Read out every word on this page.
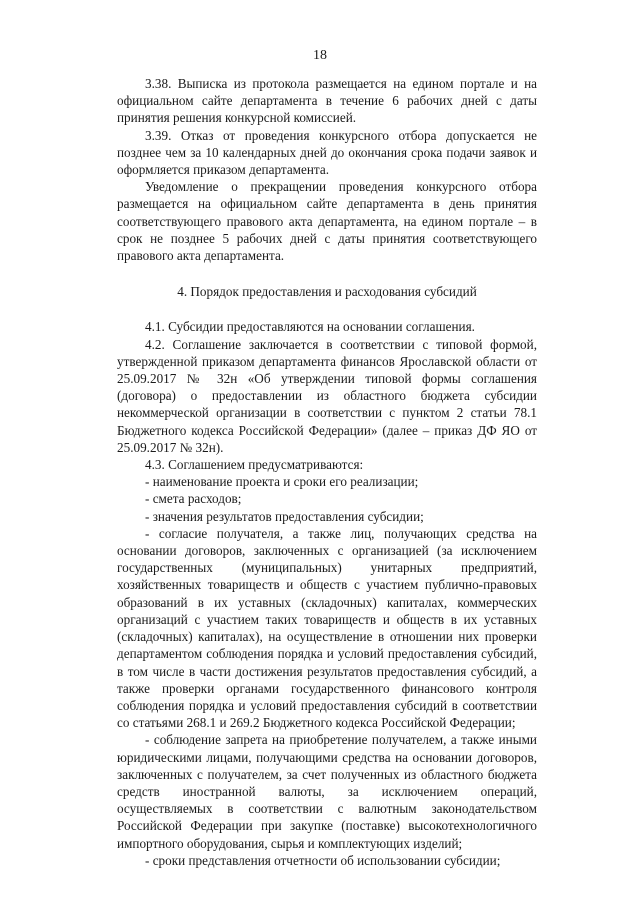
18

3.38. Выписка из протокола размещается на едином портале и на официальном сайте департамента в течение 6 рабочих дней с даты принятия решения конкурсной комиссией.

3.39. Отказ от проведения конкурсного отбора допускается не позднее чем за 10 календарных дней до окончания срока подачи заявок и оформляется приказом департамента.

Уведомление о прекращении проведения конкурсного отбора размещается на официальном сайте департамента в день принятия соответствующего правового акта департамента, на едином портале – в срок не позднее 5 рабочих дней с даты принятия соответствующего правового акта департамента.

4. Порядок предоставления и расходования субсидий

4.1. Субсидии предоставляются на основании соглашения.

4.2. Соглашение заключается в соответствии с типовой формой, утвержденной приказом департамента финансов Ярославской области от 25.09.2017 № 32н «Об утверждении типовой формы соглашения (договора) о предоставлении из областного бюджета субсидии некоммерческой организации в соответствии с пунктом 2 статьи 78.1 Бюджетного кодекса Российской Федерации» (далее – приказ ДФ ЯО от 25.09.2017 № 32н).

4.3. Соглашением предусматриваются:

- наименование проекта и сроки его реализации;

- смета расходов;

- значения результатов предоставления субсидии;

- согласие получателя, а также лиц, получающих средства на основании договоров, заключенных с организацией (за исключением государственных (муниципальных) унитарных предприятий, хозяйственных товариществ и обществ с участием публично-правовых образований в их уставных (складочных) капиталах, коммерческих организаций с участием таких товариществ и обществ в их уставных (складочных) капиталах), на осуществление в отношении них проверки департаментом соблюдения порядка и условий предоставления субсидий, в том числе в части достижения результатов предоставления субсидий, а также проверки органами государственного финансового контроля соблюдения порядка и условий предоставления субсидий в соответствии со статьями 268.1 и 269.2 Бюджетного кодекса Российской Федерации;

- соблюдение запрета на приобретение получателем, а также иными юридическими лицами, получающими средства на основании договоров, заключенных с получателем, за счет полученных из областного бюджета средств иностранной валюты, за исключением операций, осуществляемых в соответствии с валютным законодательством Российской Федерации при закупке (поставке) высокотехнологичного импортного оборудования, сырья и комплектующих изделий;

- сроки представления отчетности об использовании субсидии;
